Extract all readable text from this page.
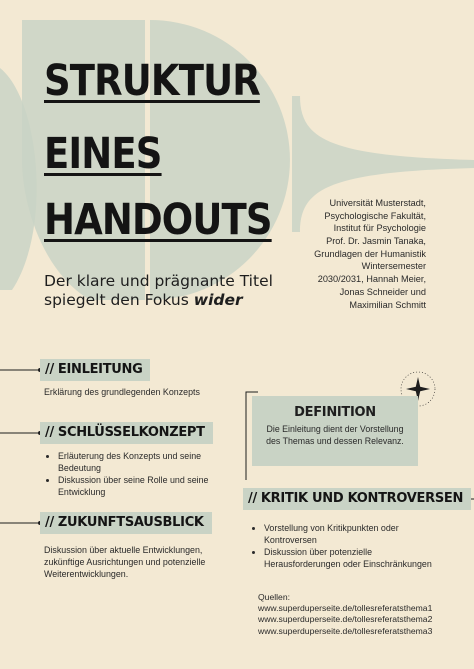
STRUKTUR
EINES
HANDOUTS
Der klare und prägnante Titel spiegelt den Fokus wider
Universität Musterstadt,
Psychologische Fakultät,
Institut für Psychologie
Prof. Dr. Jasmin Tanaka,
Grundlagen der Humanistik
Wintersemester
2030/2031, Hannah Meier,
Jonas Schneider und
Maximilian Schmitt
// EINLEITUNG
Erklärung des grundlegenden Konzepts
// SCHLÜSSELKONZEPT
• Erläuterung des Konzepts und seine Bedeutung
• Diskussion über seine Rolle und seine Entwicklung
// ZUKUNFTSAUSBLICK
Diskussion über aktuelle Entwicklungen, zukünftige Ausrichtungen und potenzielle Weiterentwicklungen.
DEFINITION
Die Einleitung dient der Vorstellung des Themas und dessen Relevanz.
// KRITIK UND KONTROVERSEN
• Vorstellung von Kritikpunkten oder Kontroversen
• Diskussion über potenzielle Herausforderungen oder Einschränkungen
Quellen:
www.superduperseite.de/tollesreferatsthema1
www.superduperseite.de/tollesreferatsthema2
www.superduperseite.de/tollesreferatsthema3
